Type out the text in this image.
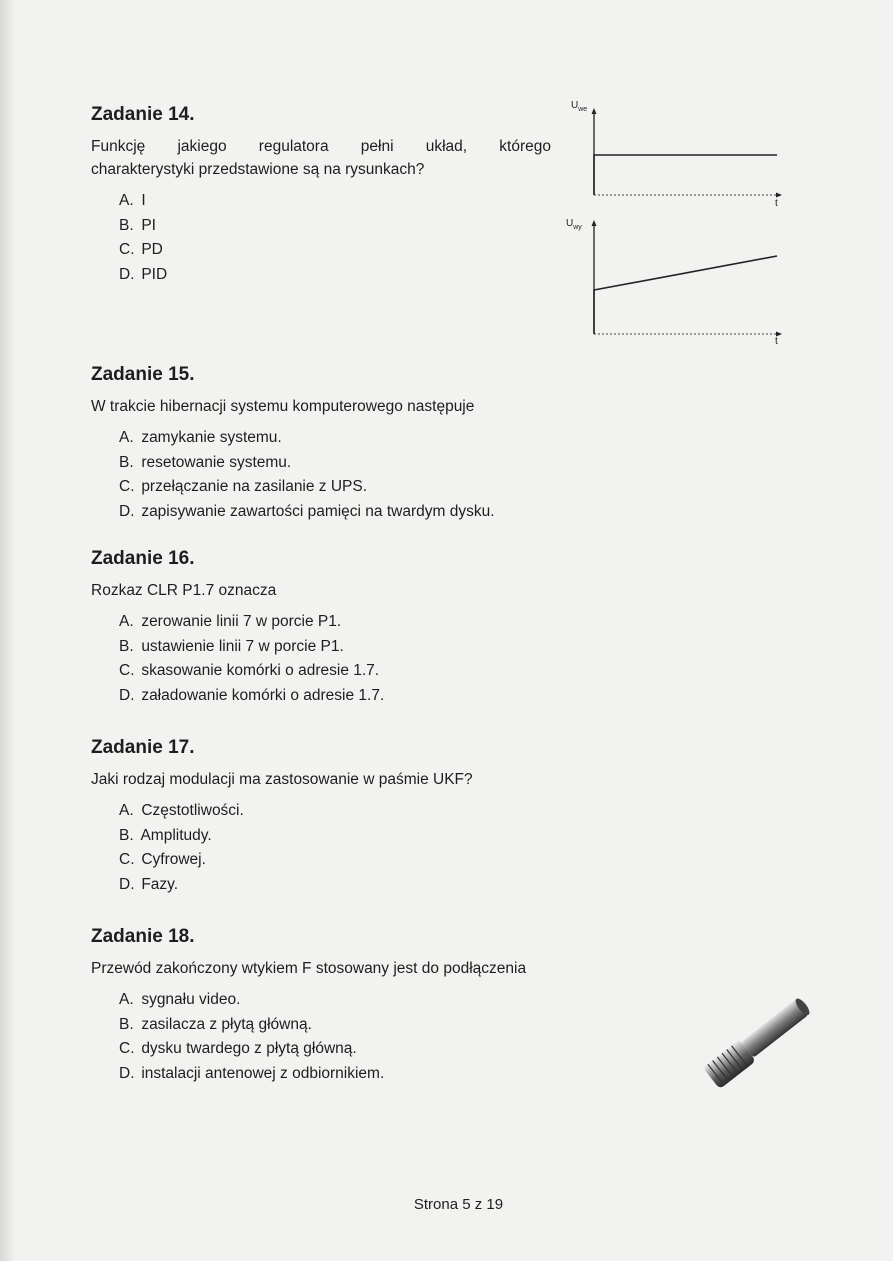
Zadanie 14.

Funkcję jakiego regulatora pełni układ, którego
charakterystyki przedstawione są na rysunkach?

A. I
B. PI
C. PD
D. PID
$U_{we}$
t
$U_{wy}$
t
Zadanie 15.

W trakcie hibernacji systemu komputerowego następuje

A. zamykanie systemu.
B. resetowanie systemu.
C. przełączanie na zasilanie z UPS.
D. zapisywanie zawartości pamięci na twardym dysku.
Zadanie 16.

Rozkaz CLR P1.7 oznacza

A. zerowanie linii 7 w porcie P1.
B. ustawienie linii 7 w porcie P1.
C. skasowanie komórki o adresie 1.7.
D. załadowanie komórki o adresie 1.7.
Zadanie 17.

Jaki rodzaj modulacji ma zastosowanie w paśmie UKF?

A. Częstotliwości.
B. Amplitudy.
C. Cyfrowej.
D. Fazy.
Zadanie 18.

Przewód zakończony wtykiem F stosowany jest do podłączenia

A. sygnału video.
B. zasilacza z płytą główną.
C. dysku twardego z płytą główną.
D. instalacji antenowej z odbiornikiem.
Strona 5 z 19
